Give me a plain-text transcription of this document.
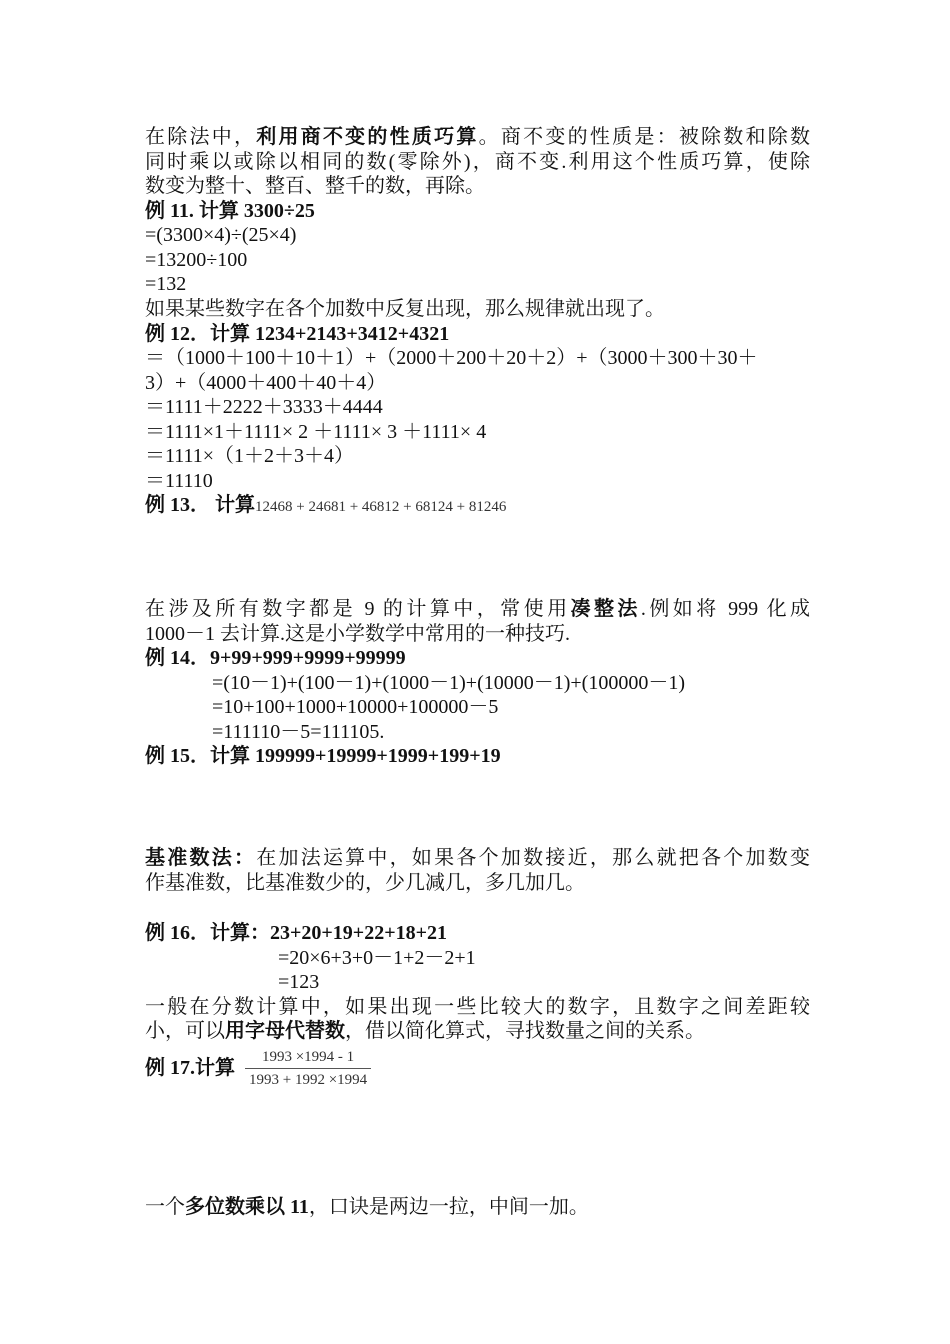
在除法中，利用商不变的性质巧算。商不变的性质是：被除数和除数
同时乘以或除以相同的数(零除外)，商不变.利用这个性质巧算，使除
数变为整十、整百、整千的数，再除。
例 11. 计算 3300÷25
=(3300×4)÷(25×4)
=13200÷100
=132
如果某些数字在各个加数中反复出现，那么规律就出现了。
例 12．计算 1234+2143+3412+4321
＝（1000＋100＋10＋1）+（2000＋200＋20＋2）+（3000＋300＋30＋
3）+（4000＋400＋40＋4）
＝1111＋2222＋3333＋4444
＝1111×1＋1111× 2 ＋1111× 3 ＋1111× 4
＝1111×（1＋2＋3＋4）
＝11110
例 13． 计算12468 + 24681 + 46812 + 68124 + 81246
在涉及所有数字都是 9 的计算中，常使用凑整法.例如将 999 化成
1000－1 去计算.这是小学数学中常用的一种技巧.
例 14．9+99+999+9999+99999
=(10－1)+(100－1)+(1000－1)+(10000－1)+(100000－1)
=10+100+1000+10000+100000－5
=111110－5=111105.
例 15．计算 199999+19999+1999+199+19
基准数法：在加法运算中，如果各个加数接近，那么就把各个加数变
作基准数，比基准数少的，少几减几，多几加几。
例 16．计算：23+20+19+22+18+21
=20×6+3+0－1+2－2+1
=123
一般在分数计算中，如果出现一些比较大的数字，且数字之间差距较
小，可以用字母代替数，借以简化算式，寻找数量之间的关系。
例 17.计算	1993 ×1994 - 1
1993 + 1992 ×1994
一个多位数乘以 11，口诀是两边一拉，中间一加。
